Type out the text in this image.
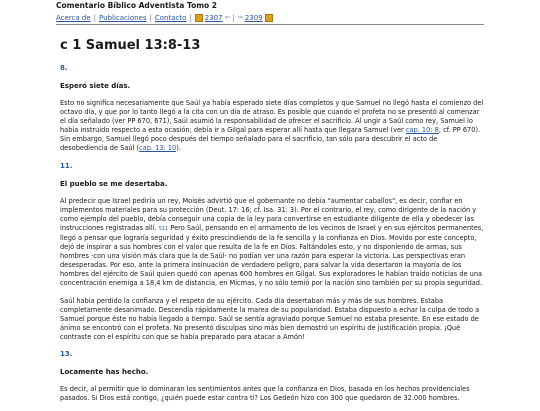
Comentario Bíblico Adventista Tomo 2
Acerca de | Publicaciones | Contacto | 2307 ⇦ | ⇨ 2309
c 1 Samuel 13:8-13
8.
Esperó siete días.

Esto no significa necesariamente que Saúl ya había esperado siete días completos y que Samuel no llegó hasta el comienzo del octavo día, y que por lo tanto llegó a la cita con un día de atraso. Es posible que cuando el profeta no se presentó al comenzar el día señalado (ver PP 670, 671), Saúl asumió la responsabilidad de ofrecer el sacrificio. Al ungir a Saúl como rey, Samuel lo había instruido respecto a esta ocasión; debía ir a Gilgal para esperar allí hasta que llegara Samuel (ver cap. 10: 8; cf. PP 670). Sin embargo, Samuel llegó poco después del tiempo señalado para el sacrificio, tan sólo para descubrir el acto de desobediencia de Saúl (cap. 13: 10).

11.
El pueblo se me desertaba.

Al predecir que Israel pediría un rey, Moisés advirtió que el gobernante no debía "aumentar caballos", es decir, confiar en implementos materiales para su protección (Deut. 17: 16; cf. Isa. 31: 3). Por el contrario, el rey, como dirigente de la nación y como ejemplo del pueblo, debía conseguir una copia de la ley para convertirse en estudiante diligente de ella y obedecer las instrucciones registradas allí. 511 Pero Saúl, pensando en el armamento de los vecinos de Israel y en sus ejércitos permanentes, llegó a pensar que lograría seguridad y éxito prescindiendo de la fe sencilla y la confianza en Dios. Movido por este concepto, dejó de inspirar a sus hombres con el valor que resulta de la fe en Dios. Faltándoles esto, y no disponiendo de armas, sus hombres -con una visión más clara que la de Saúl- no podían ver una razón para esperar la victoria. Las perspectivas eran desesperadas. Por eso, ante la primera insinuación de verdadero peligro, para salvar la vida desertaron la mayoría de los hombres del ejército de Saúl quien quedó con apenas 600 hombres en Gilgal. Sus exploradores le habían traído noticias de una concentración enemiga a 18,4 km de distancia, en Micmas, y no sólo temió por la nación sino también por su propia seguridad.

Saúl había perdido la confianza y el respeto de su ejército. Cada día desertaban más y más de sus hombres. Estaba completamente desanimado. Descendía rápidamente la marea de su popularidad. Estaba dispuesto a echar la culpa de todo a Samuel porque éste no había llegado a tiempo. Saúl se sentía agraviado porque Samuel no estaba presente. En ese estado de ánimo se encontró con el profeta. No presentó disculpas sino más bien demostró un espíritu de justificación propia. ¡Qué contraste con el espíritu con que se había preparado para atacar a Amón!

13.
Locamente has hecho.

Es decir, al permitir que lo dominaran los sentimientos antes que la confianza en Dios, basada en los hechos providenciales pasados. Si Dios está contigo, ¿quién puede estar contra ti? Los Gedeón hizo con 300 que quedaron de 32.000 hombres.
